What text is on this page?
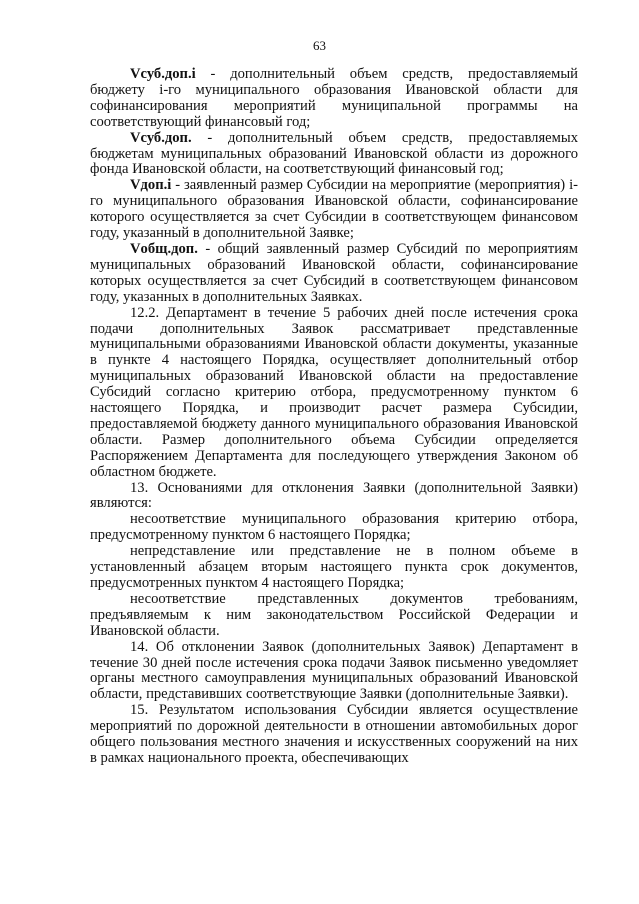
63

Vсуб.доп.i - дополнительный объем средств, предоставляемый бюджету i-го муниципального образования Ивановской области для софинансирования мероприятий муниципальной программы на соответствующий финансовый год;

Vсуб.доп. - дополнительный объем средств, предоставляемых бюджетам муниципальных образований Ивановской области из дорожного фонда Ивановской области, на соответствующий финансовый год;

Vдоп.i - заявленный размер Субсидии на мероприятие (мероприятия) i-го муниципального образования Ивановской области, софинансирование которого осуществляется за счет Субсидии в соответствующем финансовом году, указанный в дополнительной Заявке;

Vобщ.доп. - общий заявленный размер Субсидий по мероприятиям муниципальных образований Ивановской области, софинансирование которых осуществляется за счет Субсидий в соответствующем финансовом году, указанных в дополнительных Заявках.

12.2. Департамент в течение 5 рабочих дней после истечения срока подачи дополнительных Заявок рассматривает представленные муниципальными образованиями Ивановской области документы, указанные в пункте 4 настоящего Порядка, осуществляет дополнительный отбор муниципальных образований Ивановской области на предоставление Субсидий согласно критерию отбора, предусмотренному пунктом 6 настоящего Порядка, и производит расчет размера Субсидии, предоставляемой бюджету данного муниципального образования Ивановской области. Размер дополнительного объема Субсидии определяется Распоряжением Департамента для последующего утверждения Законом об областном бюджете.

13. Основаниями для отклонения Заявки (дополнительной Заявки) являются:

несоответствие муниципального образования критерию отбора, предусмотренному пунктом 6 настоящего Порядка;

непредставление или представление не в полном объеме в установленный абзацем вторым настоящего пункта срок документов, предусмотренных пунктом 4 настоящего Порядка;

несоответствие представленных документов требованиям, предъявляемым к ним законодательством Российской Федерации и Ивановской области.

14. Об отклонении Заявок (дополнительных Заявок) Департамент в течение 30 дней после истечения срока подачи Заявок письменно уведомляет органы местного самоуправления муниципальных образований Ивановской области, представивших соответствующие Заявки (дополнительные Заявки).

15. Результатом использования Субсидии является осуществление мероприятий по дорожной деятельности в отношении автомобильных дорог общего пользования местного значения и искусственных сооружений на них в рамках национального проекта, обеспечивающих
